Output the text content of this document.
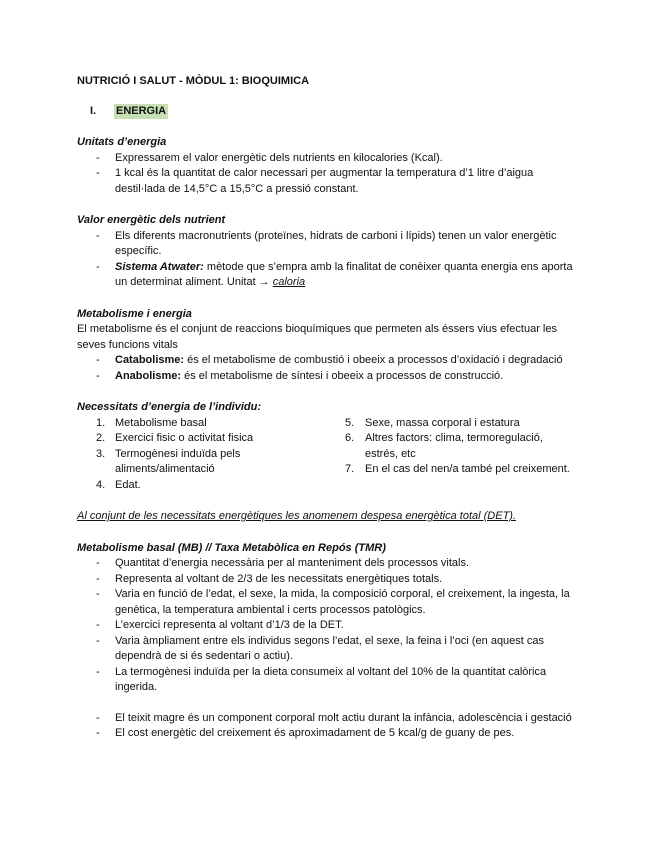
NUTRICIÓ I SALUT - MÒDUL 1: BIOQUIMICA

I.	ENERGIA
Unitats d’energia
- Expressarem el valor energètic dels nutrients en kilocalories (Kcal).
- 1 kcal és la quantitat de calor necessari per augmentar la temperatura d’1 litre d’aigua destil·lada de 14,5°C a 15,5°C a pressió constant.
Valor energètic dels nutrient
- Els diferents macronutrients (proteïnes, hidrats de carboni i lípids) tenen un valor energètic específic.
- Sistema Atwater: mètode que s’empra amb la finalitat de conèixer quanta energia ens aporta un determinat aliment. Unitat → caloria
Metabolisme i energia

El metabolisme és el conjunt de reaccions bioquímiques que permeten als éssers vius efectuar les seves funcions vitals

- Catabolisme: és el metabolisme de combustió i obeeix a processos d’oxidació i degradació
- Anabolisme: és el metabolisme de síntesi i obeeix a processos de construcció.
Necessitats d’energia de l’individu:
1. Metabolisme basal
2. Exercici fisic o activitat fisica
3. Termogènesi induïda pels aliments/alimentació
4. Edat.
5. Sexe, massa corporal i estatura
6. Altres factors: clima, termoregulació, estrés, etc
7. En el cas del nen/a també pel creixement.
Al conjunt de les necessitats energètiques les anomenem despesa energètica total (DET).
Metabolisme basal (MB) // Taxa Metabòlica en Repós (TMR)
- Quantitat d’energia necessària per al manteniment dels processos vitals.
- Representa al voltant de 2/3 de les necessitats energètiques totals.
- Varia en funció de l’edat, el sexe, la mida, la composició corporal, el creixement, la ingesta, la genètica, la temperatura ambiental i certs processos patològics.
- L’exercici representa al voltant d’1/3 de la DET.
- Varia àmpliament entre els individus segons l’edat, el sexe, la feina i l’oci (en aquest cas dependrà de si és sedentari o actiu).
- La termogènesi induïda per la dieta consumeix al voltant del 10% de la quantitat calòrica ingerida.
- El teixit magre és un component corporal molt actiu durant la infància, adolescència i gestació
- El cost energètic del creixement és aproximadament de 5 kcal/g de guany de pes.
